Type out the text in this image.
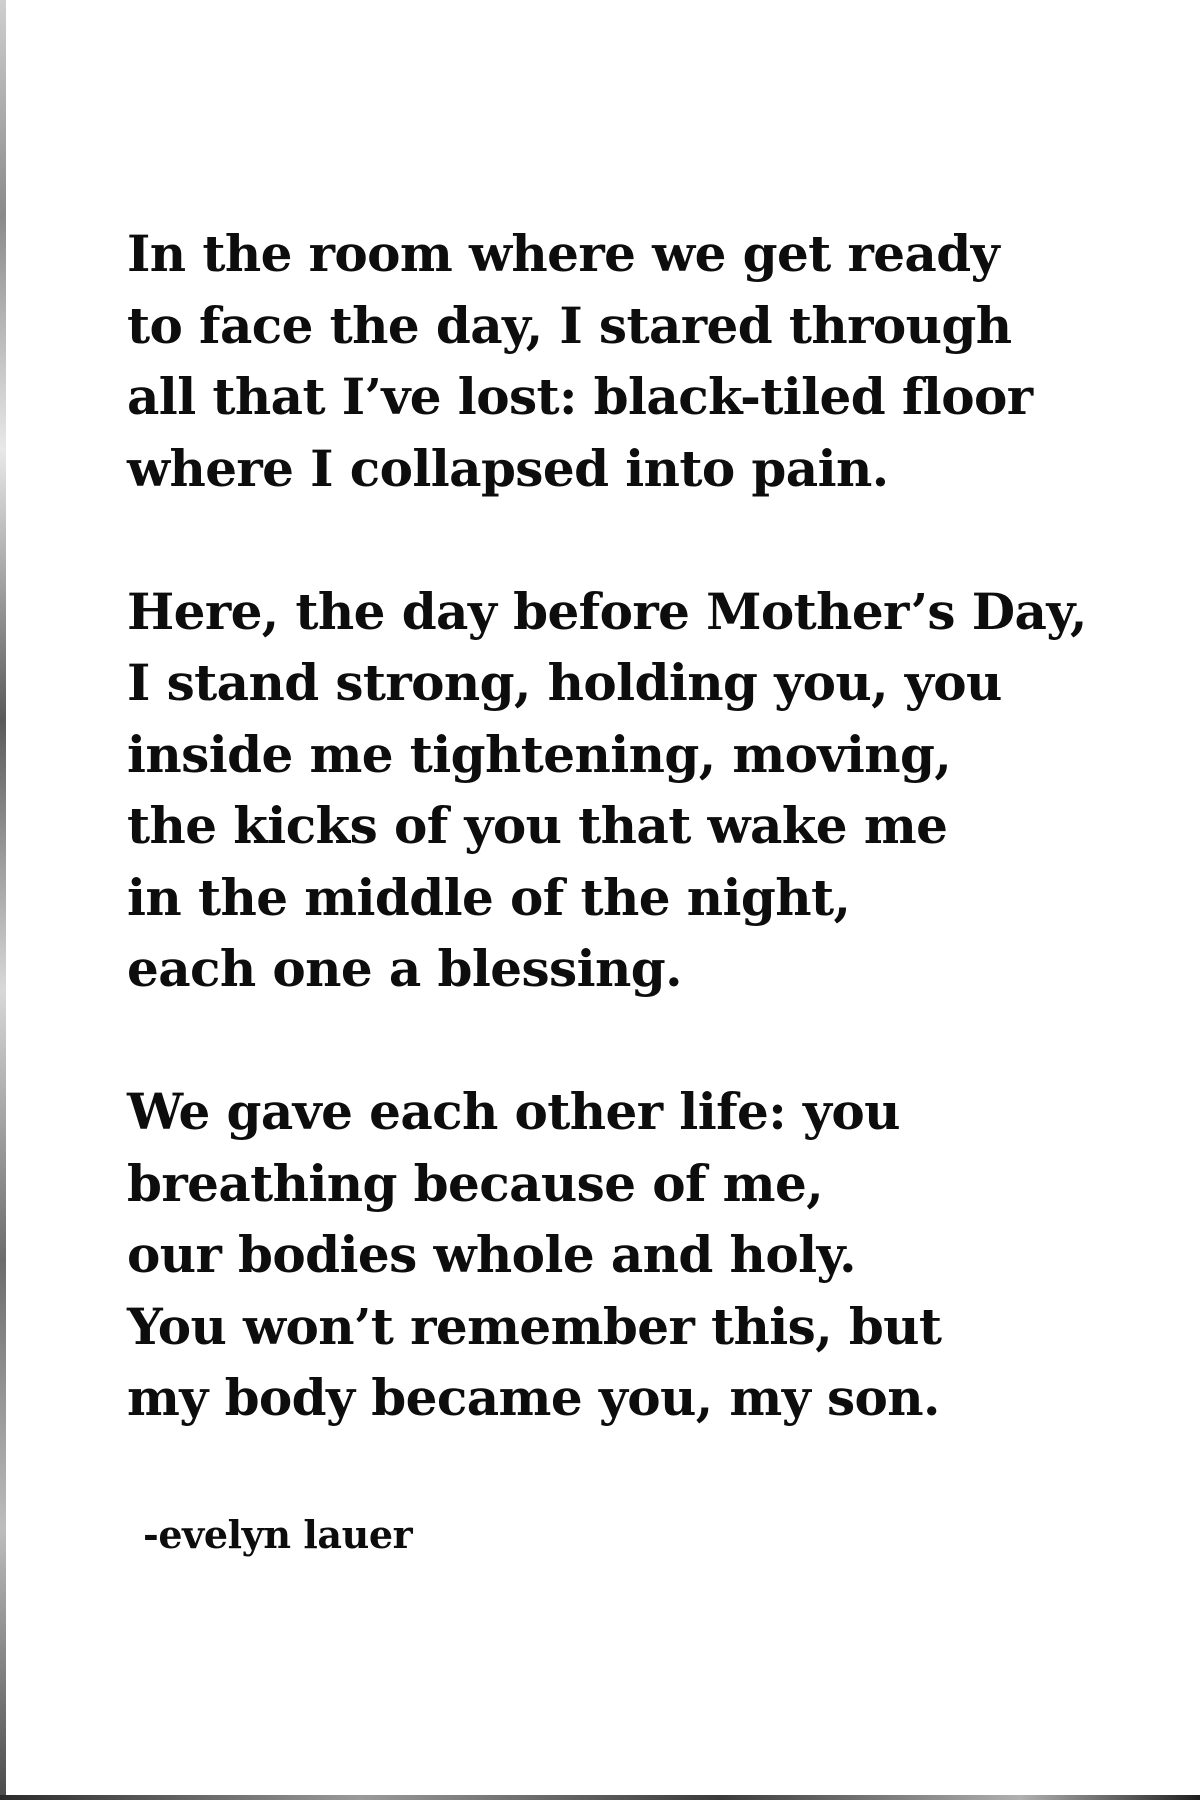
In the room where we get ready
to face the day, I stared through
all that I’ve lost: black-tiled floor
where I collapsed into pain.
Here, the day before Mother’s Day,
I stand strong, holding you, you
inside me tightening, moving,
the kicks of you that wake me
in the middle of the night,
each one a blessing.
We gave each other life: you
breathing because of me,
our bodies whole and holy.
You won’t remember this, but
my body became you, my son.
-evelyn lauer
